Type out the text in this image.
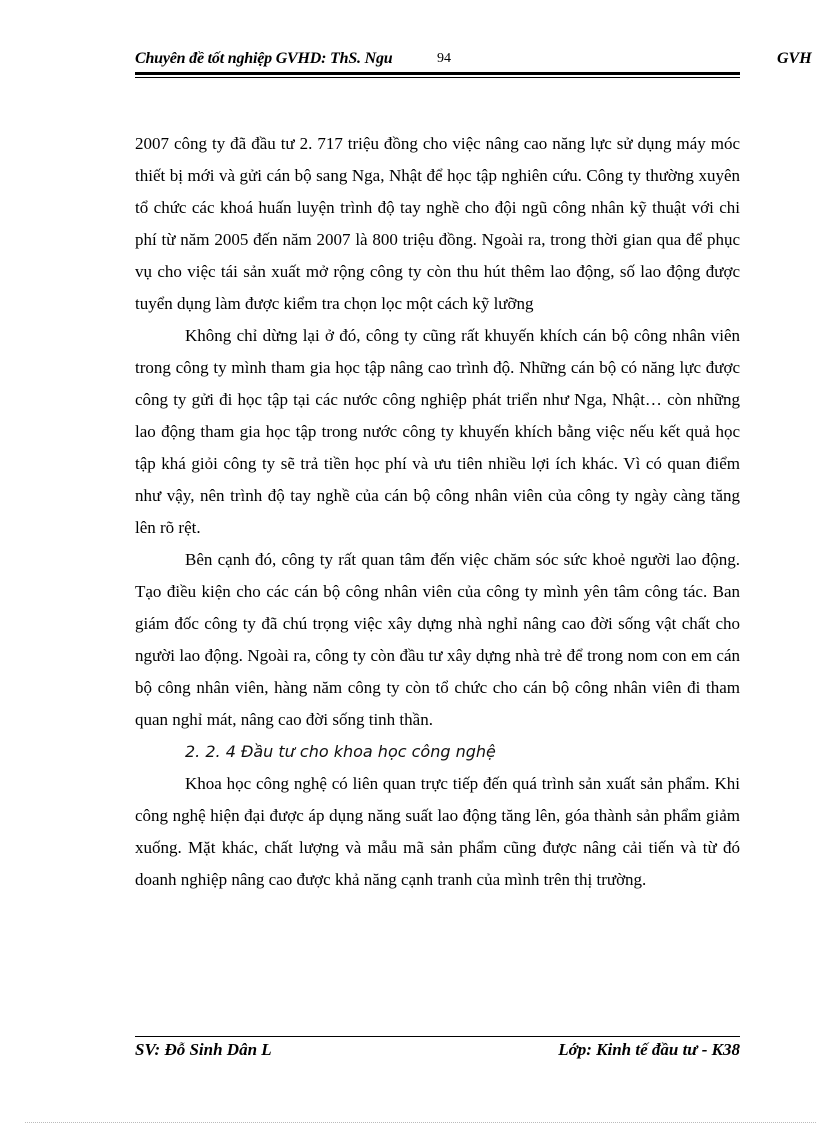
Chuyên đề tốt nghiệp GVHD: ThS. Ngu	94	GVH

2007 công ty đã đầu tư 2. 717 triệu đồng cho việc nâng cao năng lực sử dụng máy móc thiết bị mới và gửi cán bộ sang Nga, Nhật để học tập nghiên cứu. Công ty thường xuyên tổ chức các khoá huấn luyện trình độ tay nghề cho đội ngũ công nhân kỹ thuật với chi phí từ năm 2005 đến năm 2007 là 800 triệu đồng. Ngoài ra, trong thời gian qua để phục vụ cho việc tái sản xuất mở rộng công ty còn thu hút thêm lao động, số lao động được tuyển dụng làm được kiểm tra chọn lọc một cách kỹ lưỡng

Không chỉ dừng lại ở đó, công ty cũng rất khuyến khích cán bộ công nhân viên trong công ty mình tham gia học tập nâng cao trình độ. Những cán bộ có năng lực được công ty gửi đi học tập tại các nước công nghiệp phát triển như Nga, Nhật… còn những lao động tham gia học tập trong nước công ty khuyến khích bằng việc nếu kết quả học tập khá giỏi công ty sẽ trả tiền học phí và ưu tiên nhiều lợi ích khác. Vì có quan điểm như vậy, nên trình độ tay nghề của cán bộ công nhân viên của công ty ngày càng tăng lên rõ rệt.

Bên cạnh đó, công ty rất quan tâm đến việc chăm sóc sức khoẻ người lao động. Tạo điều kiện cho các cán bộ công nhân viên của công ty mình yên tâm công tác. Ban giám đốc công ty đã chú trọng việc xây dựng nhà nghỉ nâng cao đời sống vật chất cho người lao động. Ngoài ra, công ty còn đầu tư xây dựng nhà trẻ để trong nom con em cán bộ công nhân viên, hàng năm công ty còn tổ chức cho cán bộ công nhân viên đi tham quan nghỉ mát, nâng cao đời sống tinh thần.

2. 2. 4 Đầu tư cho khoa học công nghệ

Khoa học công nghệ có liên quan trực tiếp đến quá trình sản xuất sản phẩm. Khi công nghệ hiện đại được áp dụng năng suất lao động tăng lên, góa thành sản phẩm giảm xuống. Mặt khác, chất lượng và mẫu mã sản phẩm cũng được nâng cải tiến và từ đó doanh nghiệp nâng cao được khả năng cạnh tranh của mình trên thị trường.

SV: Đỗ Sinh Dân L	Lớp: Kinh tế đầu tư - K38
